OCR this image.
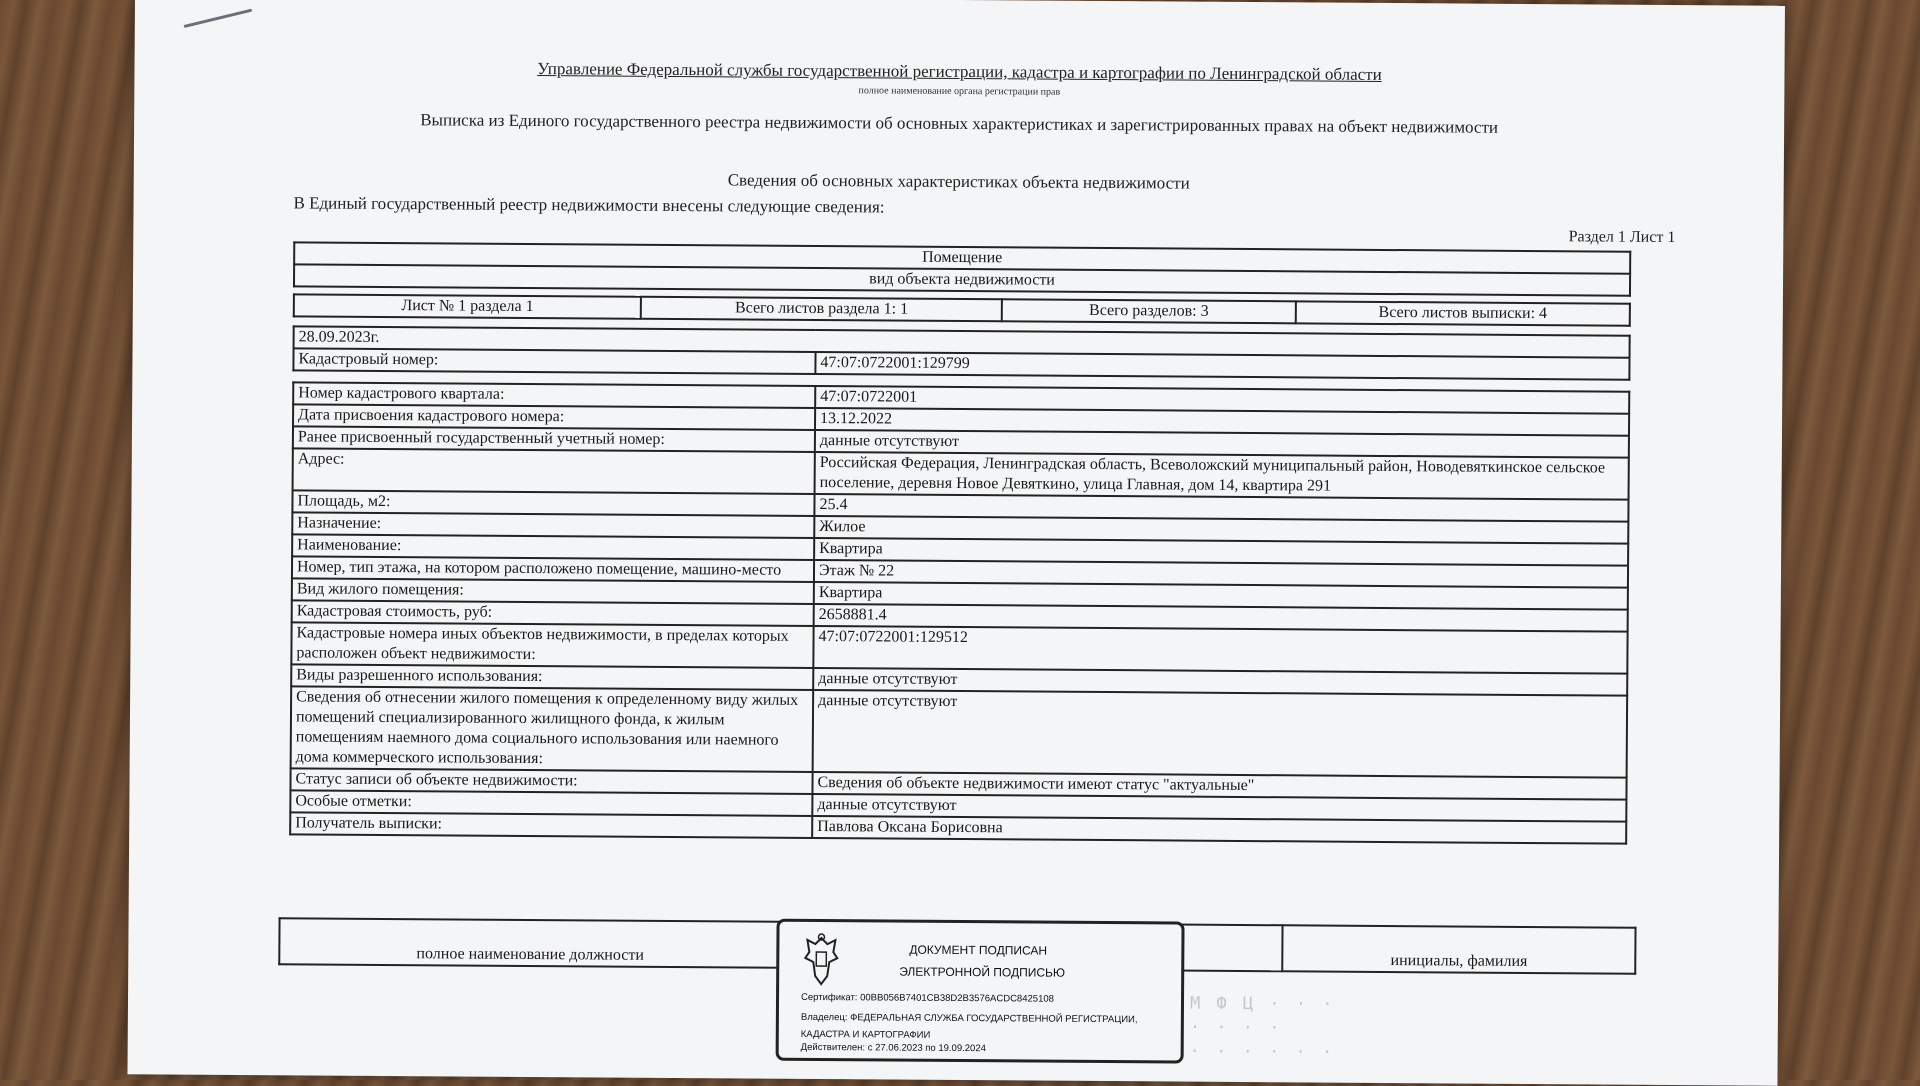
Управление Федеральной службы государственной регистрации, кадастра и картографии по Ленинградской области
полное наименование органа регистрации прав
Выписка из Единого государственного реестра недвижимости об основных характеристиках и зарегистрированных правах на объект недвижимости
Сведения об основных характеристиках объекта недвижимости
В Единый государственный реестр недвижимости внесены следующие сведения:
Раздел 1 Лист 1
Помещение
вид объекта недвижимости
Лист № 1 раздела 1	Всего листов раздела 1: 1	Всего разделов: 3	Всего листов выписки: 4
28.09.2023г.
Кадастровый номер:	47:07:0722001:129799
Номер кадастрового квартала:	47:07:0722001
Дата присвоения кадастрового номера:	13.12.2022
Ранее присвоенный государственный учетный номер:	данные отсутствуют
Адрес:	Российская Федерация, Ленинградская область, Всеволожский муниципальный район, Новодевяткинское сельское поселение, деревня Новое Девяткино, улица Главная, дом 14, квартира 291
Площадь, м2:	25.4
Назначение:	Жилое
Наименование:	Квартира
Номер, тип этажа, на котором расположено помещение, машино-место	Этаж № 22
Вид жилого помещения:	Квартира
Кадастровая стоимость, руб:	2658881.4
Кадастровые номера иных объектов недвижимости, в пределах которых расположен объект недвижимости:	47:07:0722001:129512
Виды разрешенного использования:	данные отсутствуют
Сведения об отнесении жилого помещения к определенному виду жилых помещений специализированного жилищного фонда, к жилым помещениям наемного дома социального использования или наемного дома коммерческого использования:	данные отсутствуют
Статус записи об объекте недвижимости:	Сведения об объекте недвижимости имеют статус "актуальные"
Особые отметки:	данные отсутствуют
Получатель выписки:	Павлова Оксана Борисовна
полное наименование должности		инициалы, фамилия
М Ф Ц · · ·
· · · ·
· · · · · ·
ДОКУМЕНТ ПОДПИСАН
ЭЛЕКТРОННОЙ ПОДПИСЬЮ
Сертификат: 00BB056B7401CB38D2B3576ACDC8425108
Владелец: ФЕДЕРАЛЬНАЯ СЛУЖБА ГОСУДАРСТВЕННОЙ РЕГИСТРАЦИИ, КАДАСТРА И КАРТОГРАФИИ
Действителен: с 27.06.2023 по 19.09.2024
